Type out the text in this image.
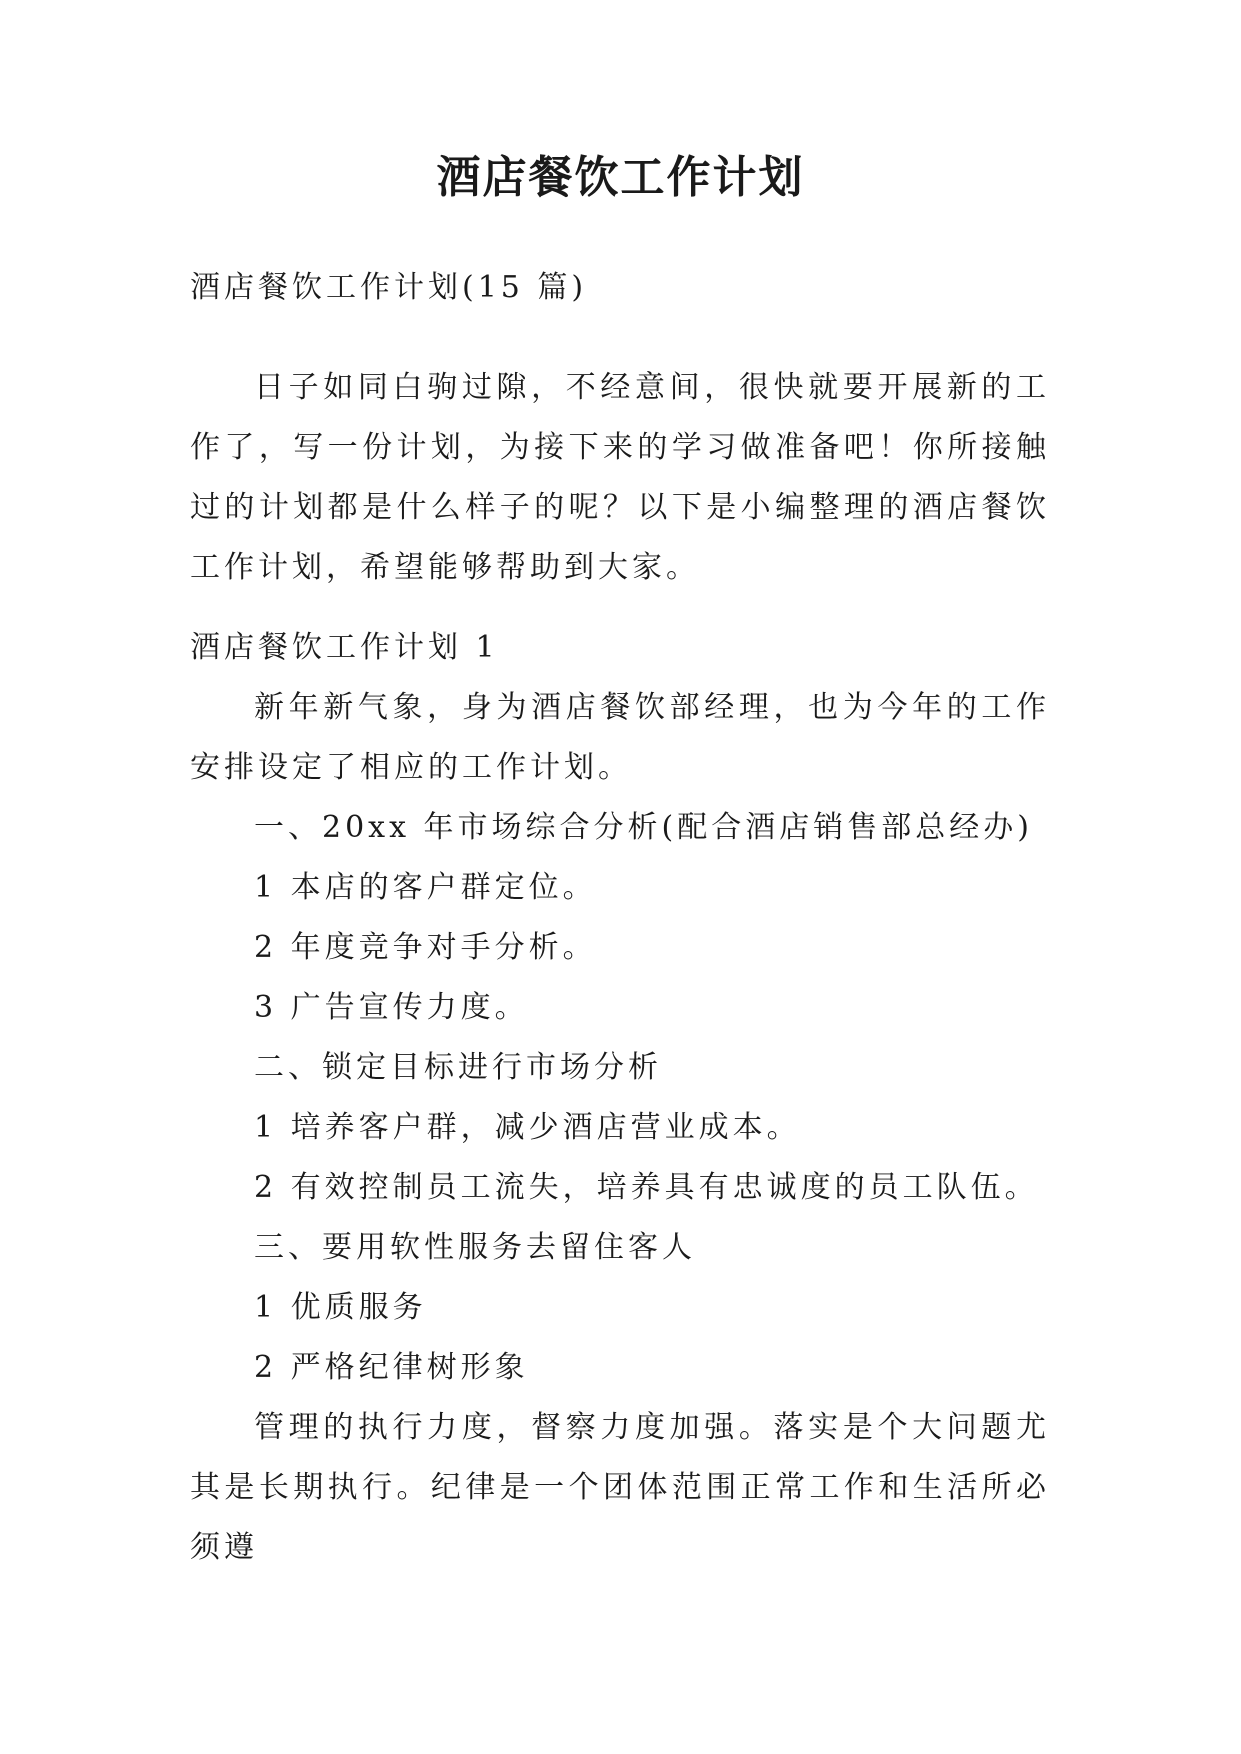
酒店餐饮工作计划
酒店餐饮工作计划(15 篇)

日子如同白驹过隙，不经意间，很快就要开展新的工作了，写一份计划，为接下来的学习做准备吧！你所接触过的计划都是什么样子的呢？以下是小编整理的酒店餐饮工作计划，希望能够帮助到大家。

酒店餐饮工作计划 1

新年新气象，身为酒店餐饮部经理，也为今年的工作安排设定了相应的工作计划。

一、20xx 年市场综合分析(配合酒店销售部总经办)
1 本店的客户群定位。
2 年度竞争对手分析。
3 广告宣传力度。
二、锁定目标进行市场分析
1 培养客户群，减少酒店营业成本。
2 有效控制员工流失，培养具有忠诚度的员工队伍。
三、要用软性服务去留住客人
1 优质服务
2 严格纪律树形象

管理的执行力度，督察力度加强。落实是个大问题尤其是长期执行。纪律是一个团体范围正常工作和生活所必须遵
